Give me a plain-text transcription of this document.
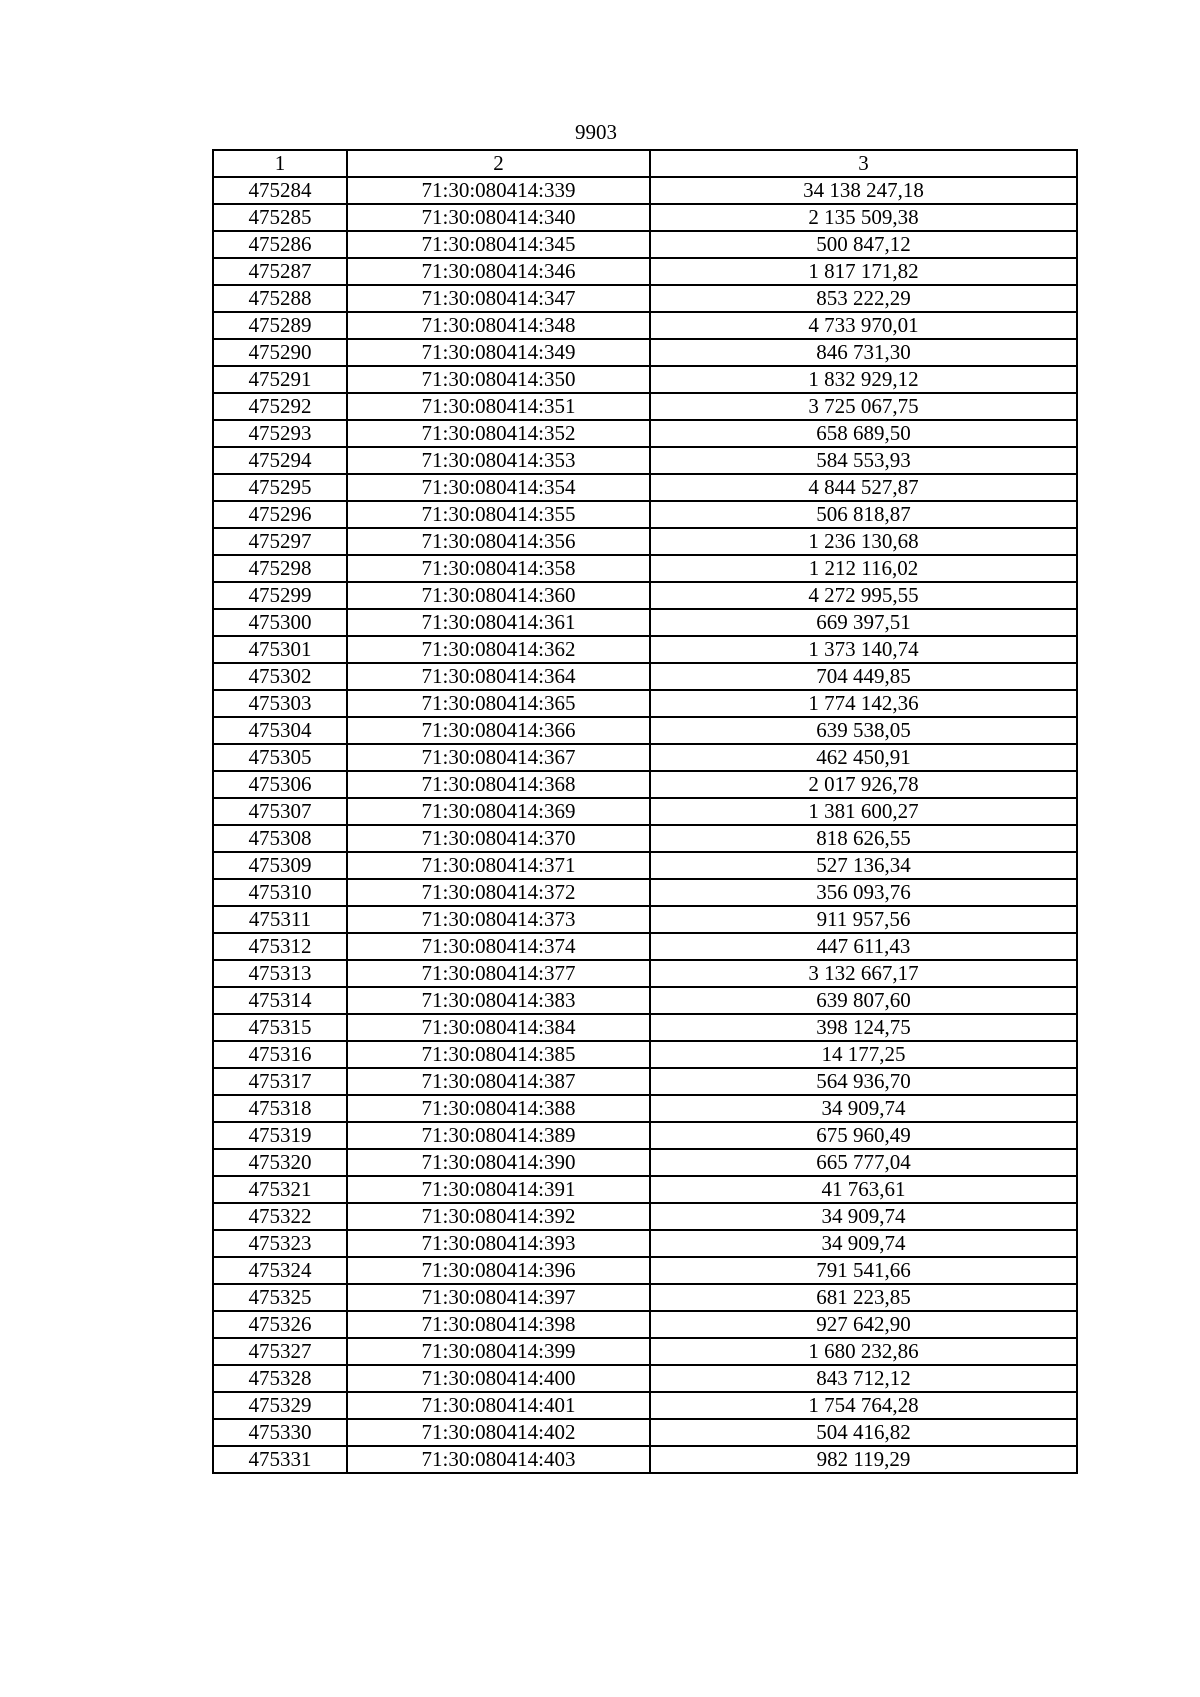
9903
1	2	3
475284	71:30:080414:339	34 138 247,18
475285	71:30:080414:340	2 135 509,38
475286	71:30:080414:345	500 847,12
475287	71:30:080414:346	1 817 171,82
475288	71:30:080414:347	853 222,29
475289	71:30:080414:348	4 733 970,01
475290	71:30:080414:349	846 731,30
475291	71:30:080414:350	1 832 929,12
475292	71:30:080414:351	3 725 067,75
475293	71:30:080414:352	658 689,50
475294	71:30:080414:353	584 553,93
475295	71:30:080414:354	4 844 527,87
475296	71:30:080414:355	506 818,87
475297	71:30:080414:356	1 236 130,68
475298	71:30:080414:358	1 212 116,02
475299	71:30:080414:360	4 272 995,55
475300	71:30:080414:361	669 397,51
475301	71:30:080414:362	1 373 140,74
475302	71:30:080414:364	704 449,85
475303	71:30:080414:365	1 774 142,36
475304	71:30:080414:366	639 538,05
475305	71:30:080414:367	462 450,91
475306	71:30:080414:368	2 017 926,78
475307	71:30:080414:369	1 381 600,27
475308	71:30:080414:370	818 626,55
475309	71:30:080414:371	527 136,34
475310	71:30:080414:372	356 093,76
475311	71:30:080414:373	911 957,56
475312	71:30:080414:374	447 611,43
475313	71:30:080414:377	3 132 667,17
475314	71:30:080414:383	639 807,60
475315	71:30:080414:384	398 124,75
475316	71:30:080414:385	14 177,25
475317	71:30:080414:387	564 936,70
475318	71:30:080414:388	34 909,74
475319	71:30:080414:389	675 960,49
475320	71:30:080414:390	665 777,04
475321	71:30:080414:391	41 763,61
475322	71:30:080414:392	34 909,74
475323	71:30:080414:393	34 909,74
475324	71:30:080414:396	791 541,66
475325	71:30:080414:397	681 223,85
475326	71:30:080414:398	927 642,90
475327	71:30:080414:399	1 680 232,86
475328	71:30:080414:400	843 712,12
475329	71:30:080414:401	1 754 764,28
475330	71:30:080414:402	504 416,82
475331	71:30:080414:403	982 119,29
